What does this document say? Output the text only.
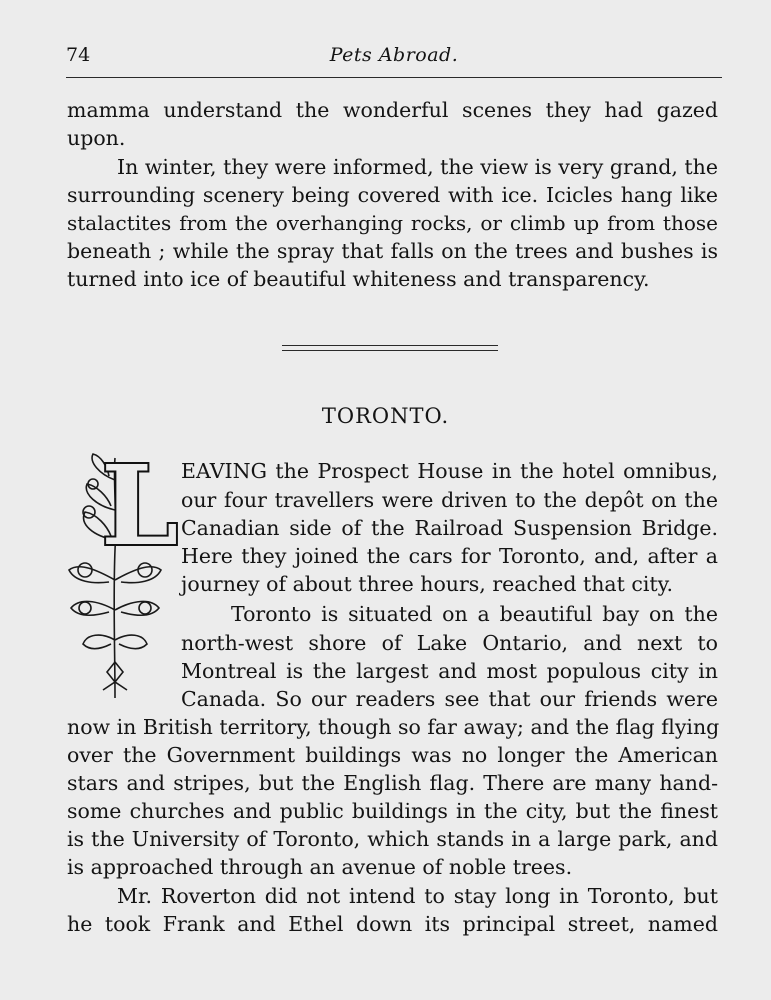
74	Pets Abroad.
mamma understand the wonderful scenes they had gazed
upon.
In winter, they were informed, the view is very grand, the
surrounding scenery being covered with ice. Icicles hang like
stalactites from the overhanging rocks, or climb up from those
beneath ; while the spray that falls on the trees and bushes is
turned into ice of beautiful whiteness and transparency.
TORONTO.
L EAVING the Prospect House in the hotel omnibus,
our four travellers were driven to the depôt on the
Canadian side of the Railroad Suspension Bridge.
Here they joined the cars for Toronto, and, after a
journey of about three hours, reached that city.
Toronto is situated on a beautiful bay on the
north-west shore of Lake Ontario, and next to
Montreal is the largest and most populous city in
Canada. So our readers see that our friends were
now in British territory, though so far away; and the flag flying
over the Government buildings was no longer the American
stars and stripes, but the English flag. There are many hand-
some churches and public buildings in the city, but the finest
is the University of Toronto, which stands in a large park, and
is approached through an avenue of noble trees.
Mr. Roverton did not intend to stay long in Toronto, but
he took Frank and Ethel down its principal street, named
